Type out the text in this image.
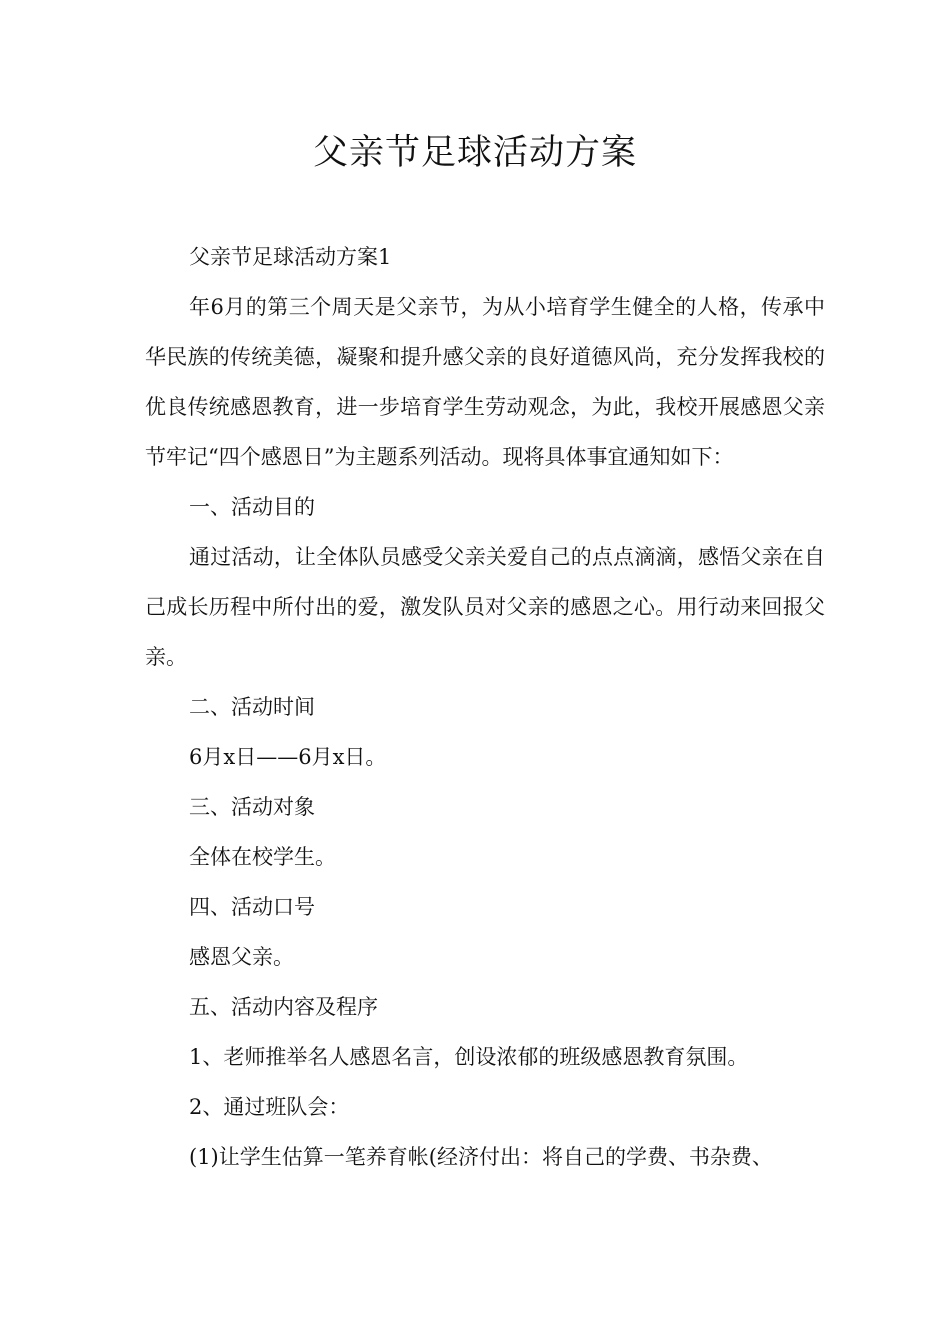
父亲节足球活动方案

父亲节足球活动方案1

年6月的第三个周天是父亲节，为从小培育学生健全的人格，传承中华民族的传统美德，凝聚和提升感父亲的良好道德风尚，充分发挥我校的优良传统感恩教育，进一步培育学生劳动观念，为此，我校开展感恩父亲节牢记“四个感恩日”为主题系列活动。现将具体事宜通知如下：

一、活动目的

通过活动，让全体队员感受父亲关爱自己的点点滴滴，感悟父亲在自己成长历程中所付出的爱，激发队员对父亲的感恩之心。用行动来回报父亲。

二、活动时间

6月x日——6月x日。

三、活动对象

全体在校学生。

四、活动口号

感恩父亲。

五、活动内容及程序

1、老师推举名人感恩名言，创设浓郁的班级感恩教育氛围。

2、通过班队会：

(1)让学生估算一笔养育帐(经济付出：将自己的学费、书杂费、
